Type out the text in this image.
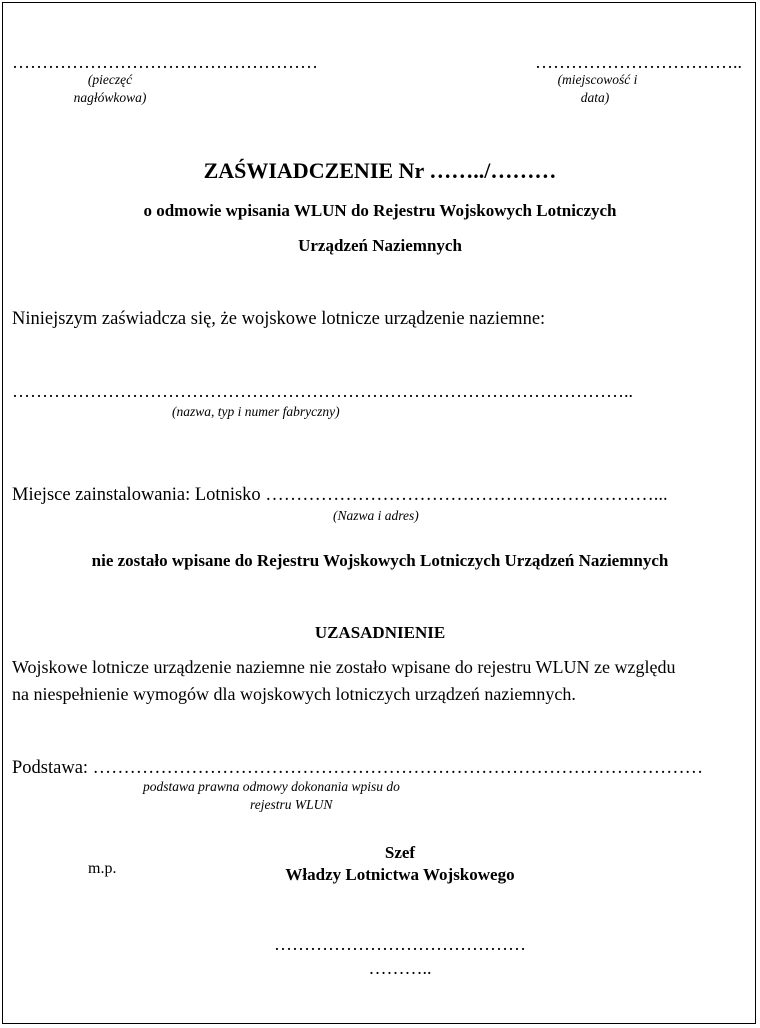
……………………………………………
(pieczęć
nagłówkowa)
……………………………..
(miejscowość i
data)
ZAŚWIADCZENIE Nr ……../………
o odmowie wpisania WLUN do Rejestru Wojskowych Lotniczych
Urządzeń Naziemnych
Niniejszym zaświadcza się, że wojskowe lotnicze urządzenie naziemne:
…………………………………………………………………………………………..
(nazwa, typ i numer fabryczny)
Miejsce zainstalowania: Lotnisko ………………………………………………………...
(Nazwa i adres)
nie zostało wpisane do Rejestru Wojskowych Lotniczych Urządzeń Naziemnych
UZASADNIENIE
Wojskowe lotnicze urządzenie naziemne nie zostało wpisane do rejestru WLUN ze względu
na niespełnienie wymogów dla wojskowych lotniczych urządzeń naziemnych.
Podstawa: ………………………………………………………………………………………
podstawa prawna odmowy dokonania wpisu do
rejestru WLUN
m.p.
Szef
Władzy Lotnictwa Wojskowego
……………………………………
………..
